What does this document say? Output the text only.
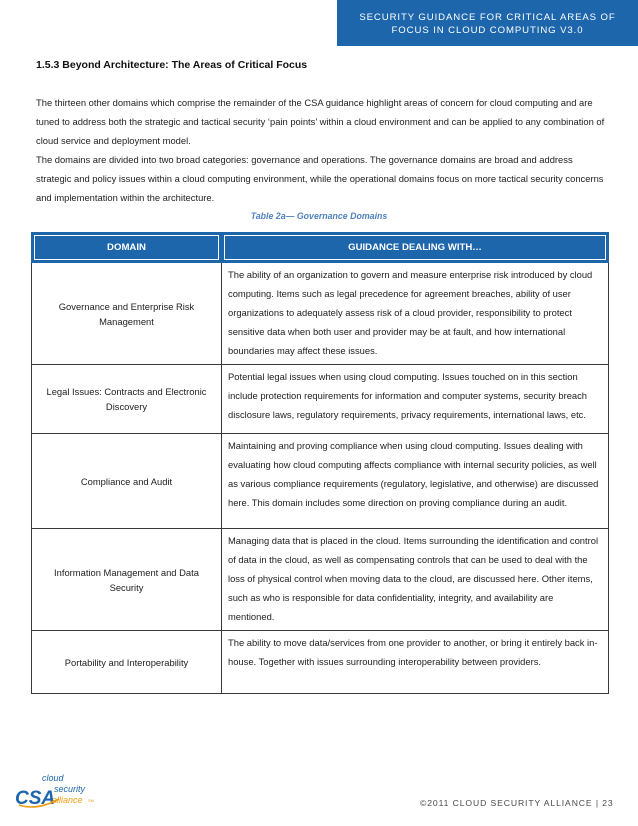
SECURITY GUIDANCE FOR CRITICAL AREAS OF
FOCUS IN CLOUD COMPUTING V3.0
1.5.3 Beyond Architecture: The Areas of Critical Focus
The thirteen other domains which comprise the remainder of the CSA guidance highlight areas of concern for cloud computing and are tuned to address both the strategic and tactical security ‘pain points’ within a cloud environment and can be applied to any combination of cloud service and deployment model.
The domains are divided into two broad categories: governance and operations. The governance domains are broad and address strategic and policy issues within a cloud computing environment, while the operational domains focus on more tactical security concerns and implementation within the architecture.
Table 2a— Governance Domains
DOMAIN	GUIDANCE DEALING WITH…
Governance and Enterprise Risk Management	The ability of an organization to govern and measure enterprise risk introduced by cloud computing. Items such as legal precedence for agreement breaches, ability of user organizations to adequately assess risk of a cloud provider, responsibility to protect sensitive data when both user and provider may be at fault, and how international boundaries may affect these issues.
Legal Issues: Contracts and Electronic Discovery	Potential legal issues when using cloud computing. Issues touched on in this section include protection requirements for information and computer systems, security breach disclosure laws, regulatory requirements, privacy requirements, international laws, etc.
Compliance and Audit	Maintaining and proving compliance when using cloud computing. Issues dealing with evaluating how cloud computing affects compliance with internal security policies, as well as various compliance requirements (regulatory, legislative, and otherwise) are discussed here. This domain includes some direction on proving compliance during an audit.
Information Management and Data Security	Managing data that is placed in the cloud. Items surrounding the identification and control of data in the cloud, as well as compensating controls that can be used to deal with the loss of physical control when moving data to the cloud, are discussed here. Other items, such as who is responsible for data confidentiality, integrity, and availability are mentioned.
Portability and Interoperability	The ability to move data/services from one provider to another, or bring it entirely back in-house. Together with issues surrounding interoperability between providers.
CSA
cloud
security
alliance SM	©2011 CLOUD SECURITY ALLIANCE | 23
